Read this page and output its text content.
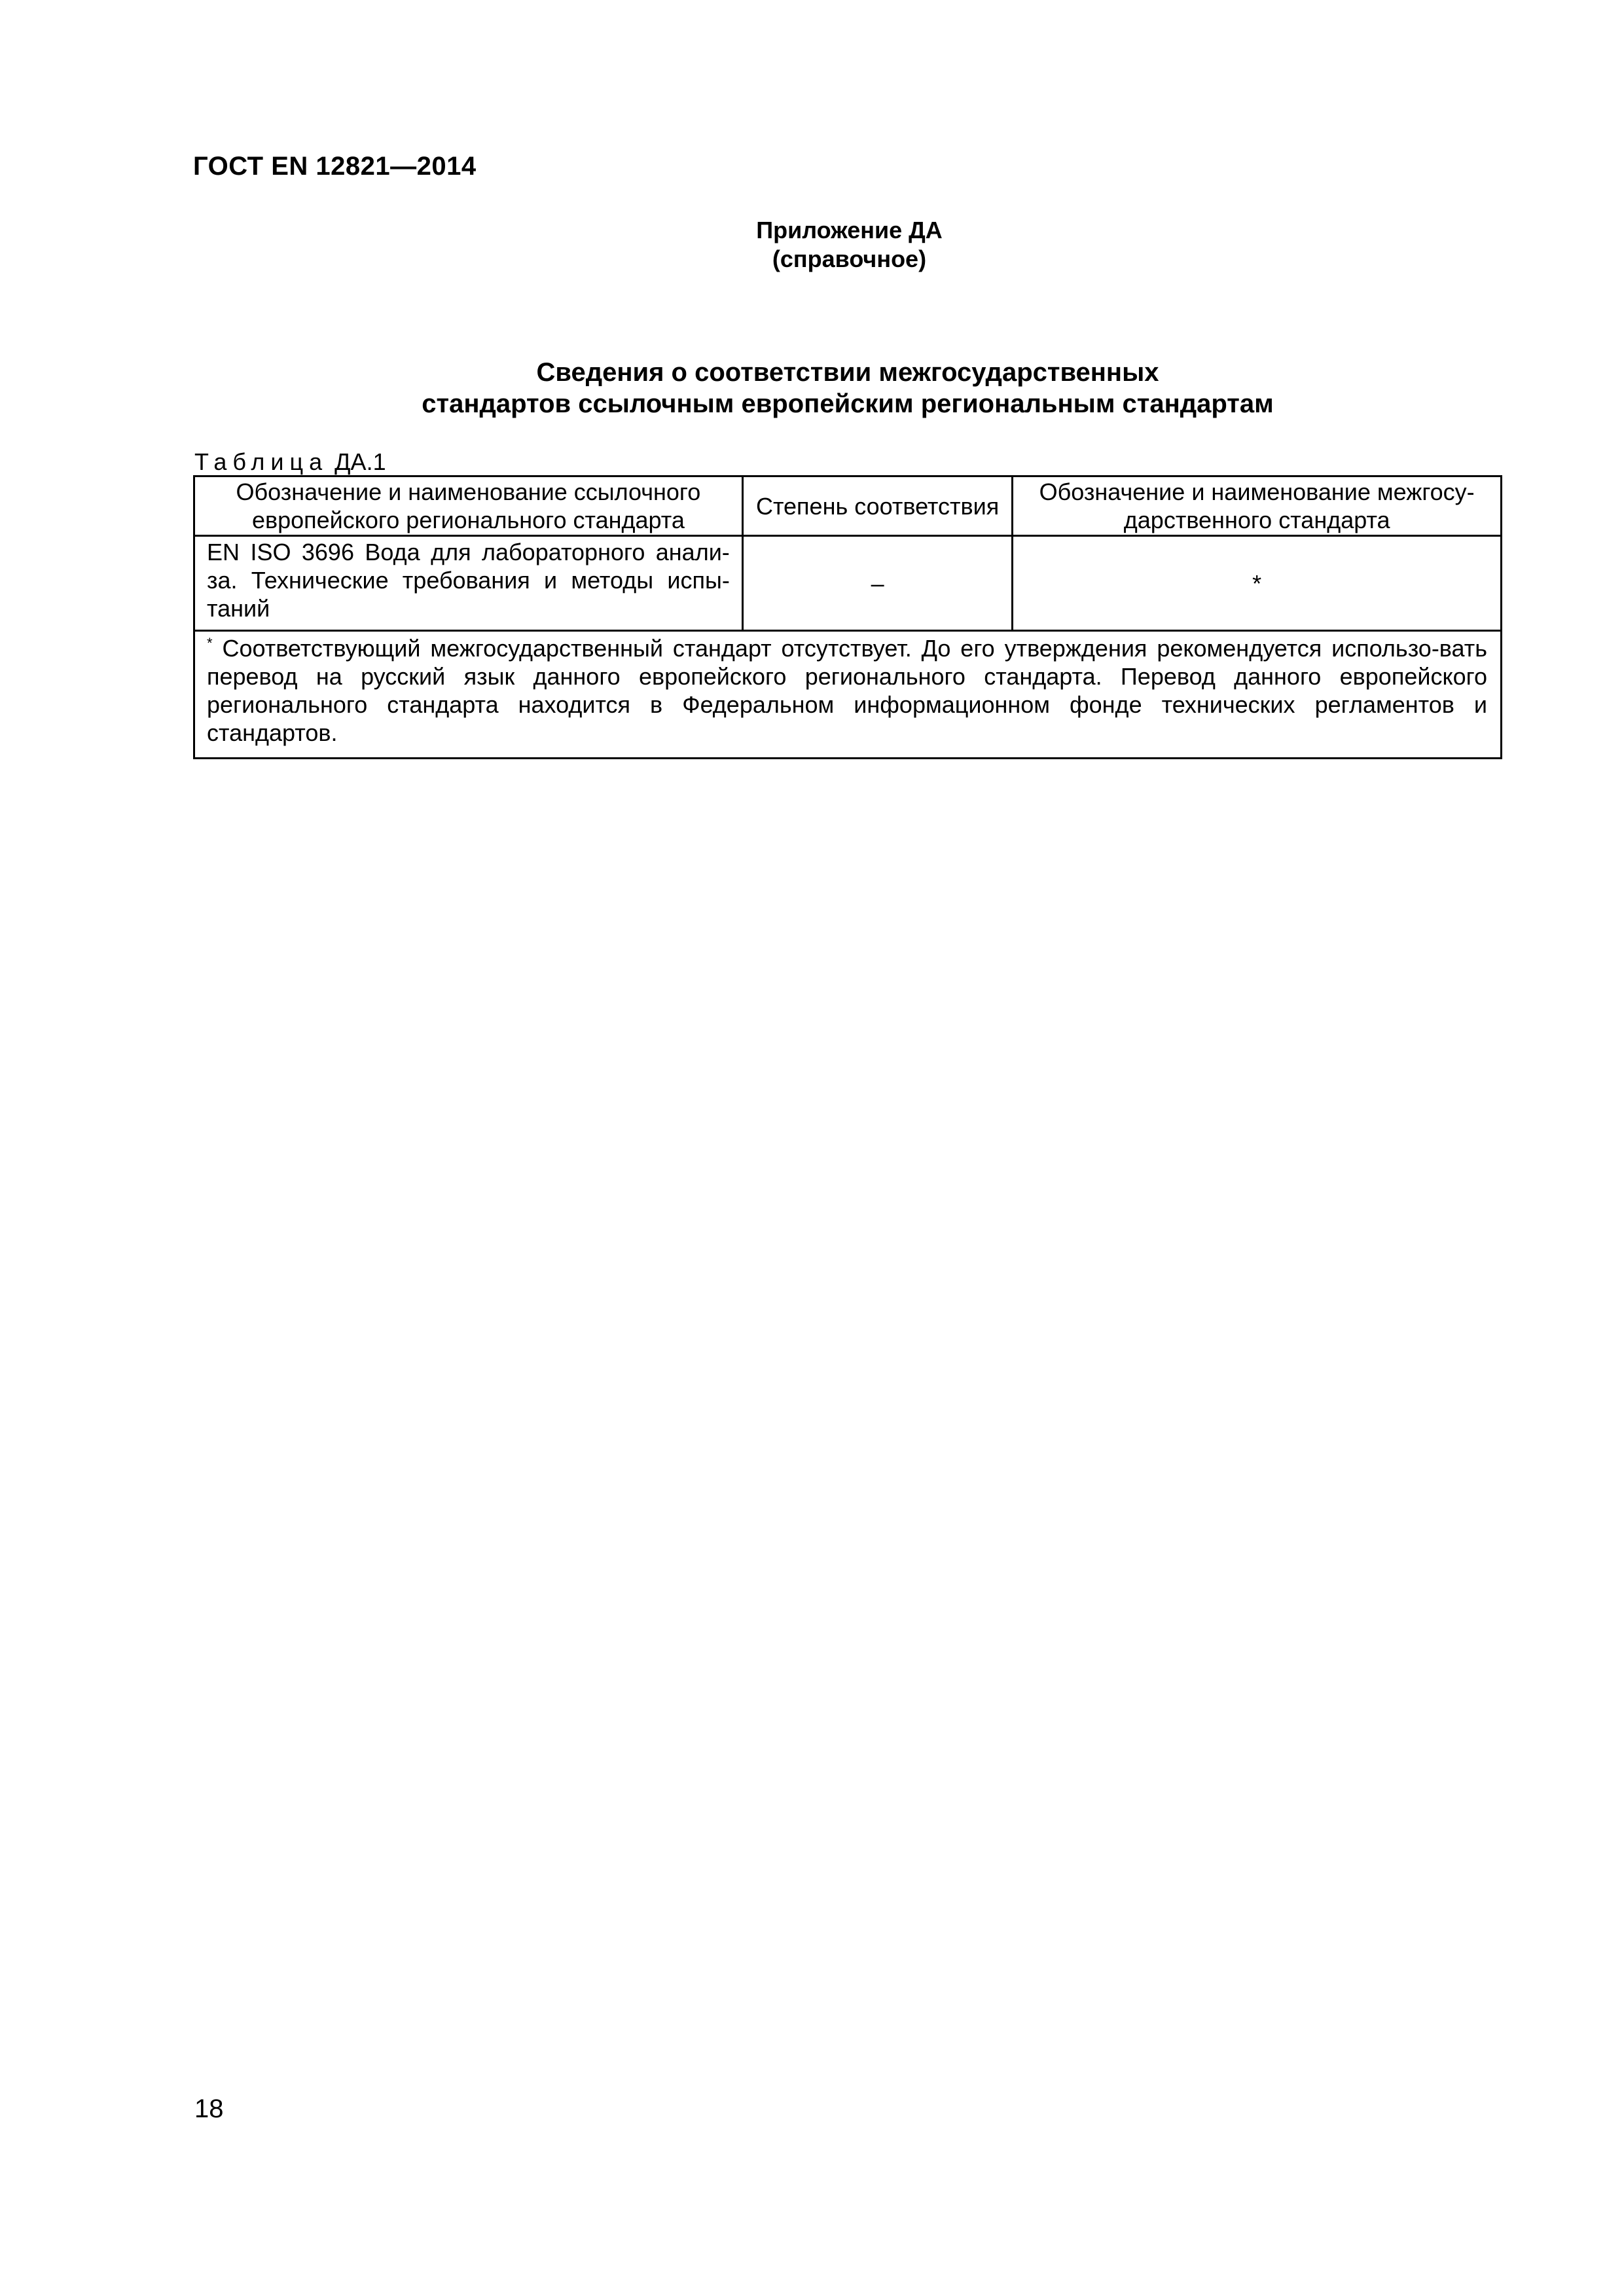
ГОСТ EN 12821—2014
Приложение ДА
(справочное)
Сведения о соответствии межгосударственных
стандартов ссылочным европейским региональным стандартам
Таблица ДА.1
Обозначение и наименование ссылочного европейского регионального стандарта	Степень соответствия	Обозначение и наименование межгосу-дарственного стандарта
EN ISO 3696 Вода для лабораторного анали-за. Технические требования и методы испы-таний	–	*
* Соответствующий межгосударственный стандарт отсутствует. До его утверждения рекомендуется использо-вать перевод на русский язык данного европейского регионального стандарта. Перевод данного европейского регионального стандарта находится в Федеральном информационном фонде технических регламентов и стандартов.		
18
